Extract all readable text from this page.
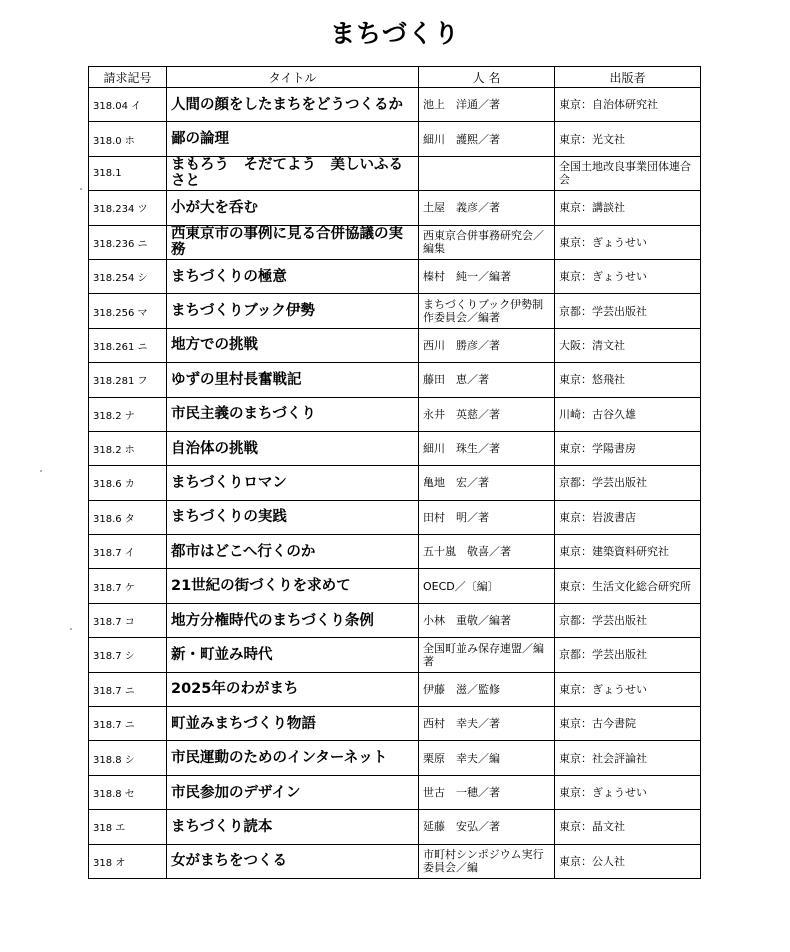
まちづくり
請求記号	タイトル	人 名	出版者
318.04 イ	人間の顔をしたまちをどうつくるか	池上　洋通／著	東京：自治体研究社
318.0 ホ	鄙の論理	細川　護熙／著	東京：光文社
318.1	まもろう　そだてよう　美しいふるさと		全国土地改良事業団体連合会
318.234 ツ	小が大を呑む	土屋　義彦／著	東京：講談社
318.236 ニ	西東京市の事例に見る合併協議の実務	西東京合併事務研究会／編集	東京：ぎょうせい
318.254 シ	まちづくりの極意	榛村　純一／編著	東京：ぎょうせい
318.256 マ	まちづくりブック伊勢	まちづくりブック伊勢制作委員会／編著	京都：学芸出版社
318.261 ニ	地方での挑戦	西川　勝彦／著	大阪：清文社
318.281 フ	ゆずの里村長奮戦記	藤田　恵／著	東京：悠飛社
318.2 ナ	市民主義のまちづくり	永井　英慈／著	川崎：古谷久雄
318.2 ホ	自治体の挑戦	細川　珠生／著	東京：学陽書房
318.6 カ	まちづくりロマン	亀地　宏／著	京都：学芸出版社
318.6 タ	まちづくりの実践	田村　明／著	東京：岩波書店
318.7 イ	都市はどこへ行くのか	五十嵐　敬喜／著	東京：建築資料研究社
318.7 ケ	21世紀の街づくりを求めて	OECD／〔編〕	東京：生活文化総合研究所
318.7 コ	地方分権時代のまちづくり条例	小林　重敬／編著	京都：学芸出版社
318.7 シ	新・町並み時代	全国町並み保存連盟／編著	京都：学芸出版社
318.7 ニ	2025年のわがまち	伊藤　滋／監修	東京：ぎょうせい
318.7 ニ	町並みまちづくり物語	西村　幸夫／著	東京：古今書院
318.8 シ	市民運動のためのインターネット	栗原　幸夫／編	東京：社会評論社
318.8 セ	市民参加のデザイン	世古　一穂／著	東京：ぎょうせい
318 エ	まちづくり読本	延藤　安弘／著	東京：晶文社
318 オ	女がまちをつくる	市町村シンポジウム実行委員会／編	東京：公人社
